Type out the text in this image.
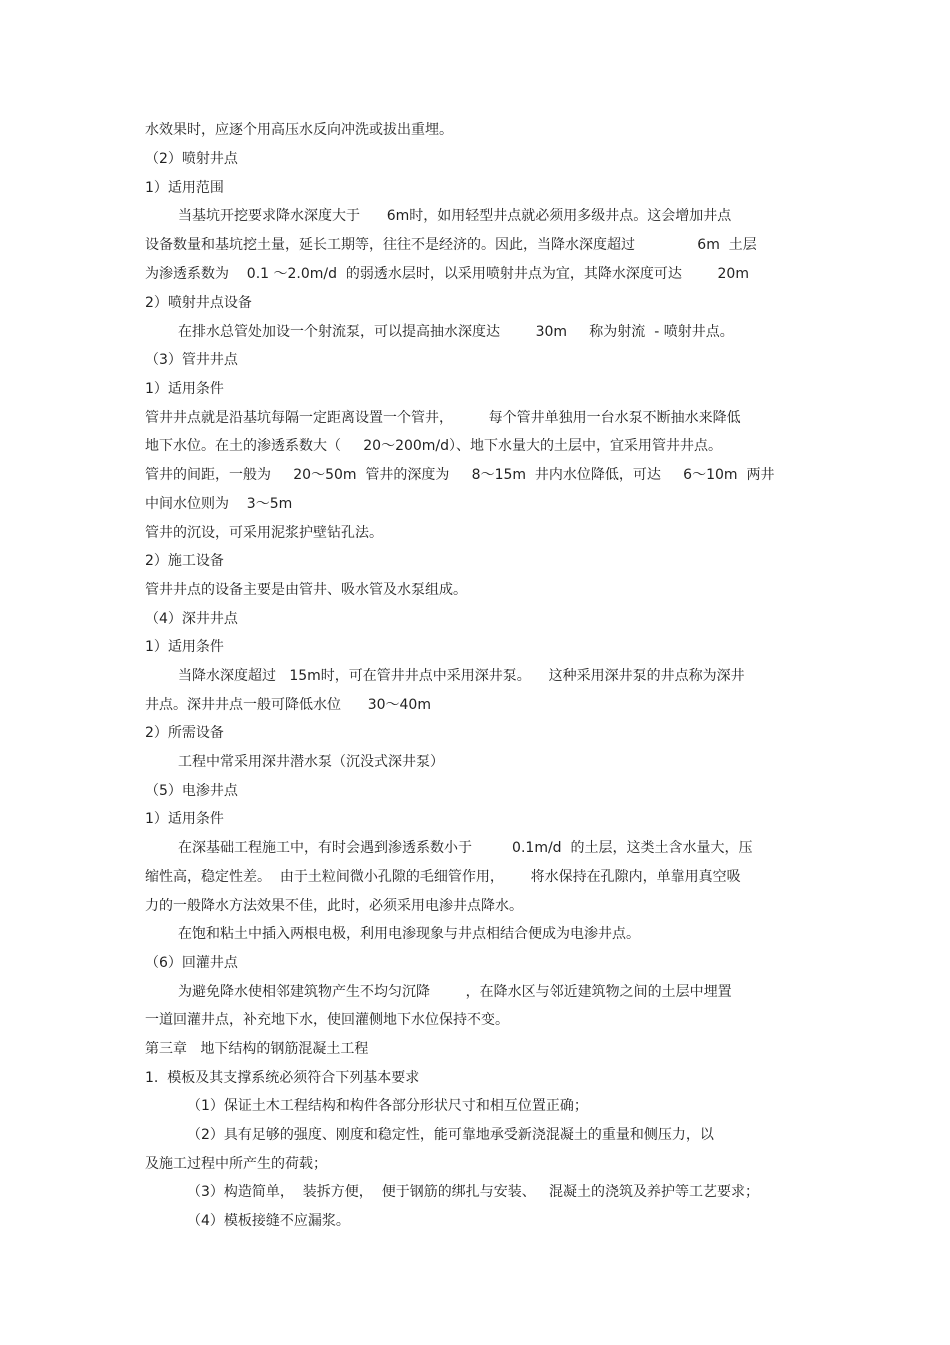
水效果时，应逐个用高压水反向冲洗或拔出重埋。
（2）喷射井点
1）适用范围
当基坑开挖要求降水深度大于      6m时，如用轻型井点就必须用多级井点。这会增加井点
设备数量和基坑挖土量，延长工期等，往往不是经济的。因此，当降水深度超过              6m  土层
为渗透系数为    0.1 ～2.0m/d  的弱透水层时，以采用喷射井点为宜，其降水深度可达        20m
2）喷射井点设备
在排水总管处加设一个射流泵，可以提高抽水深度达        30m     称为射流  - 喷射井点。
（3）管井井点
1）适用条件
管井井点就是沿基坑每隔一定距离设置一个管井，        每个管井单独用一台水泵不断抽水来降低
地下水位。在土的渗透系数大（     20～200m/d）、地下水量大的土层中，宜采用管井井点。
管井的间距，一般为     20～50m  管井的深度为     8～15m  井内水位降低，可达     6～10m  两井
中间水位则为    3～5m
管井的沉设，可采用泥浆护壁钻孔法。
2）施工设备
管井井点的设备主要是由管井、吸水管及水泵组成。
（4）深井井点
1）适用条件
当降水深度超过   15m时，可在管井井点中采用深井泵。    这种采用深井泵的井点称为深井
井点。深井井点一般可降低水位      30～40m
2）所需设备
工程中常采用深井潜水泵（沉没式深井泵）
（5）电渗井点
1）适用条件
在深基础工程施工中，有时会遇到渗透系数小于         0.1m/d  的土层，这类土含水量大，压
缩性高，稳定性差。  由于土粒间微小孔隙的毛细管作用，      将水保持在孔隙内，单靠用真空吸
力的一般降水方法效果不佳，此时，必须采用电渗井点降水。
在饱和粘土中插入两根电极，利用电渗现象与井点相结合便成为电渗井点。
（6）回灌井点
为避免降水使相邻建筑物产生不均匀沉降        ，在降水区与邻近建筑物之间的土层中埋置
一道回灌井点，补充地下水，使回灌侧地下水位保持不变。
第三章   地下结构的钢筋混凝土工程
1.  模板及其支撑系统必须符合下列基本要求
（1）保证土木工程结构和构件各部分形状尺寸和相互位置正确；
（2）具有足够的强度、刚度和稳定性，能可靠地承受新浇混凝土的重量和侧压力，以
及施工过程中所产生的荷载；
（3）构造简单，  装拆方便，  便于钢筋的绑扎与安装、   混凝土的浇筑及养护等工艺要求；
（4）模板接缝不应漏浆。
